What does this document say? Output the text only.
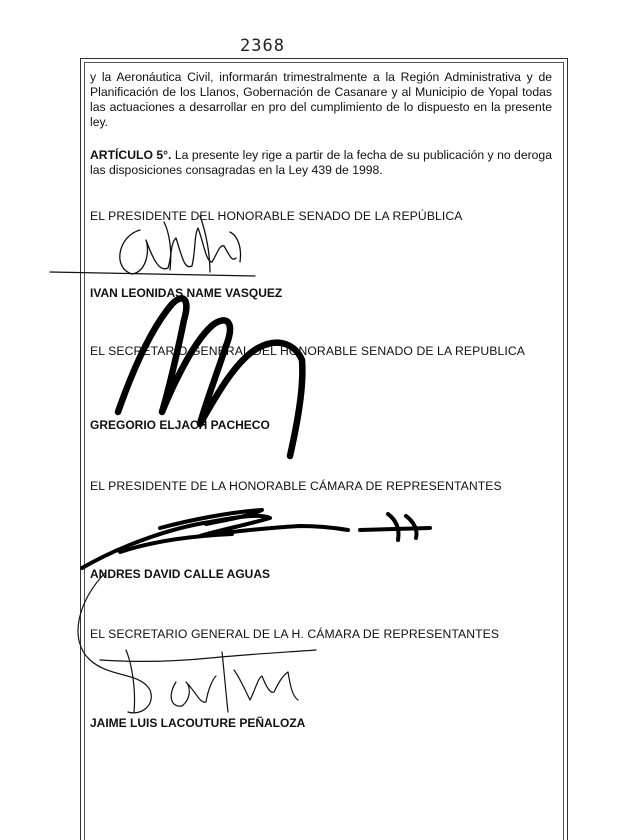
2368
y la Aeronáutica Civil, informarán trimestralmente a la Región Administrativa y de Planificación de los Llanos, Gobernación de Casanare y al Municipio de Yopal todas las actuaciones a desarrollar en pro del cumplimiento de lo dispuesto en la presente ley.
ARTÍCULO 5°. La presente ley rige a partir de la fecha de su publicación y no deroga las disposiciones consagradas en la Ley 439 de 1998.
EL PRESIDENTE DEL HONORABLE SENADO DE LA REPÚBLICA
IVAN LEONIDAS NAME VASQUEZ
EL SECRETARIO GENERAL DEL HONORABLE SENADO DE LA REPUBLICA
GREGORIO ELJACH PACHECO
EL PRESIDENTE DE LA HONORABLE CÁMARA DE REPRESENTANTES
ANDRES DAVID CALLE AGUAS
EL SECRETARIO GENERAL DE LA H. CÁMARA DE REPRESENTANTES
JAIME LUIS LACOUTURE PEÑALOZA
